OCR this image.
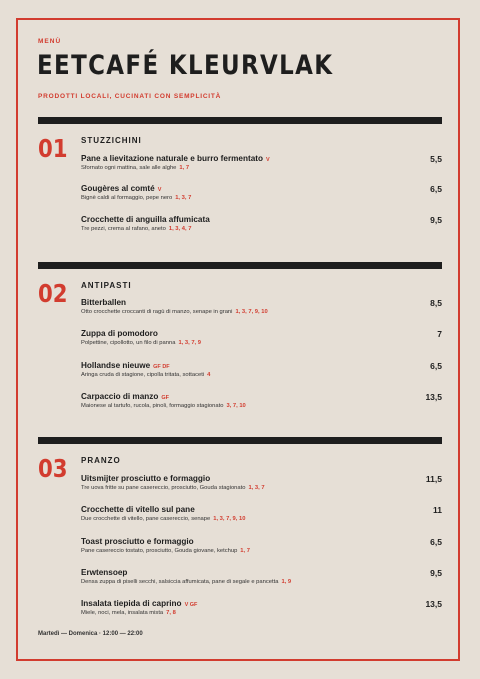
MENÙ
EETCAFÉ KLEURVLAK
PRODOTTI LOCALI, CUCINATI CON SEMPLICITÀ
01 STUZZICHINI
Pane a lievitazione naturale e burro fermentato V
Sfornato ogni mattina, sale alle alghe 1, 7
5,5
Gougères al comté V
Bignè caldi al formaggio, pepe nero 1, 3, 7
6,5
Crocchette di anguilla affumicata
Tre pezzi, crema al rafano, aneto 1, 3, 4, 7
9,5
02 ANTIPASTI
Bitterballen
Otto crocchette croccanti di ragù di manzo, senape in grani 1, 3, 7, 9, 10
8,5
Zuppa di pomodoro
Polpettine, cipollotto, un filo di panna 1, 3, 7, 9
7
Hollandse nieuwe GF DF
Aringa cruda di stagione, cipolla tritata, sottaceti 4
6,5
Carpaccio di manzo GF
Maionese al tartufo, rucola, pinoli, formaggio stagionato 3, 7, 10
13,5
03 PRANZO
Uitsmijter prosciutto e formaggio
Tre uova fritte su pane casereccio, prosciutto, Gouda stagionato 1, 3, 7
11,5
Crocchette di vitello sul pane
Due crocchette di vitello, pane casereccio, senape 1, 3, 7, 9, 10
11
Toast prosciutto e formaggio
Pane casereccio tostato, prosciutto, Gouda giovane, ketchup 1, 7
6,5
Erwtensoep
Densa zuppa di piselli secchi, salsiccia affumicata, pane di segale e pancetta 1, 9
9,5
Insalata tiepida di caprino V GF
Miele, noci, mela, insalata mista 7, 8
13,5
Martedì — Domenica · 12:00 — 22:00
